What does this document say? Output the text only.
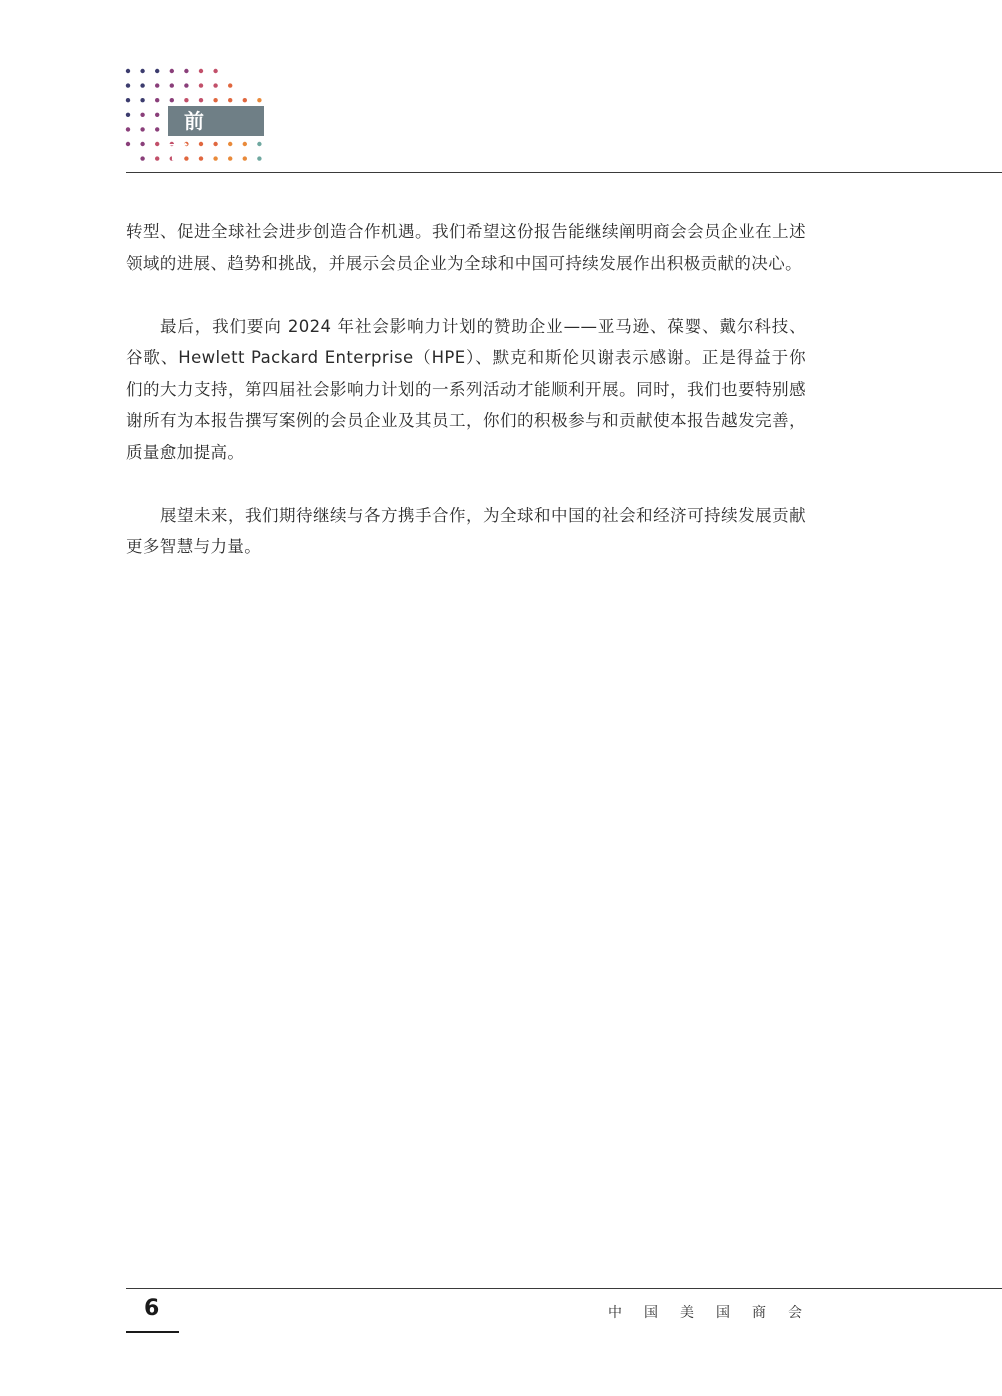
前 言

转型、促进全球社会进步创造合作机遇。我们希望这份报告能继续阐明商会会员企业在上述领域的进展、趋势和挑战，并展示会员企业为全球和中国可持续发展作出积极贡献的决心。

最后，我们要向 2024 年社会影响力计划的赞助企业——亚马逊、葆婴、戴尔科技、谷歌、Hewlett Packard Enterprise（HPE）、默克和斯伦贝谢表示感谢。正是得益于你们的大力支持，第四届社会影响力计划的一系列活动才能顺利开展。同时，我们也要特别感谢所有为本报告撰写案例的会员企业及其员工，你们的积极参与和贡献使本报告越发完善，质量愈加提高。

展望未来，我们期待继续与各方携手合作，为全球和中国的社会和经济可持续发展贡献更多智慧与力量。

6	中国美国商会
